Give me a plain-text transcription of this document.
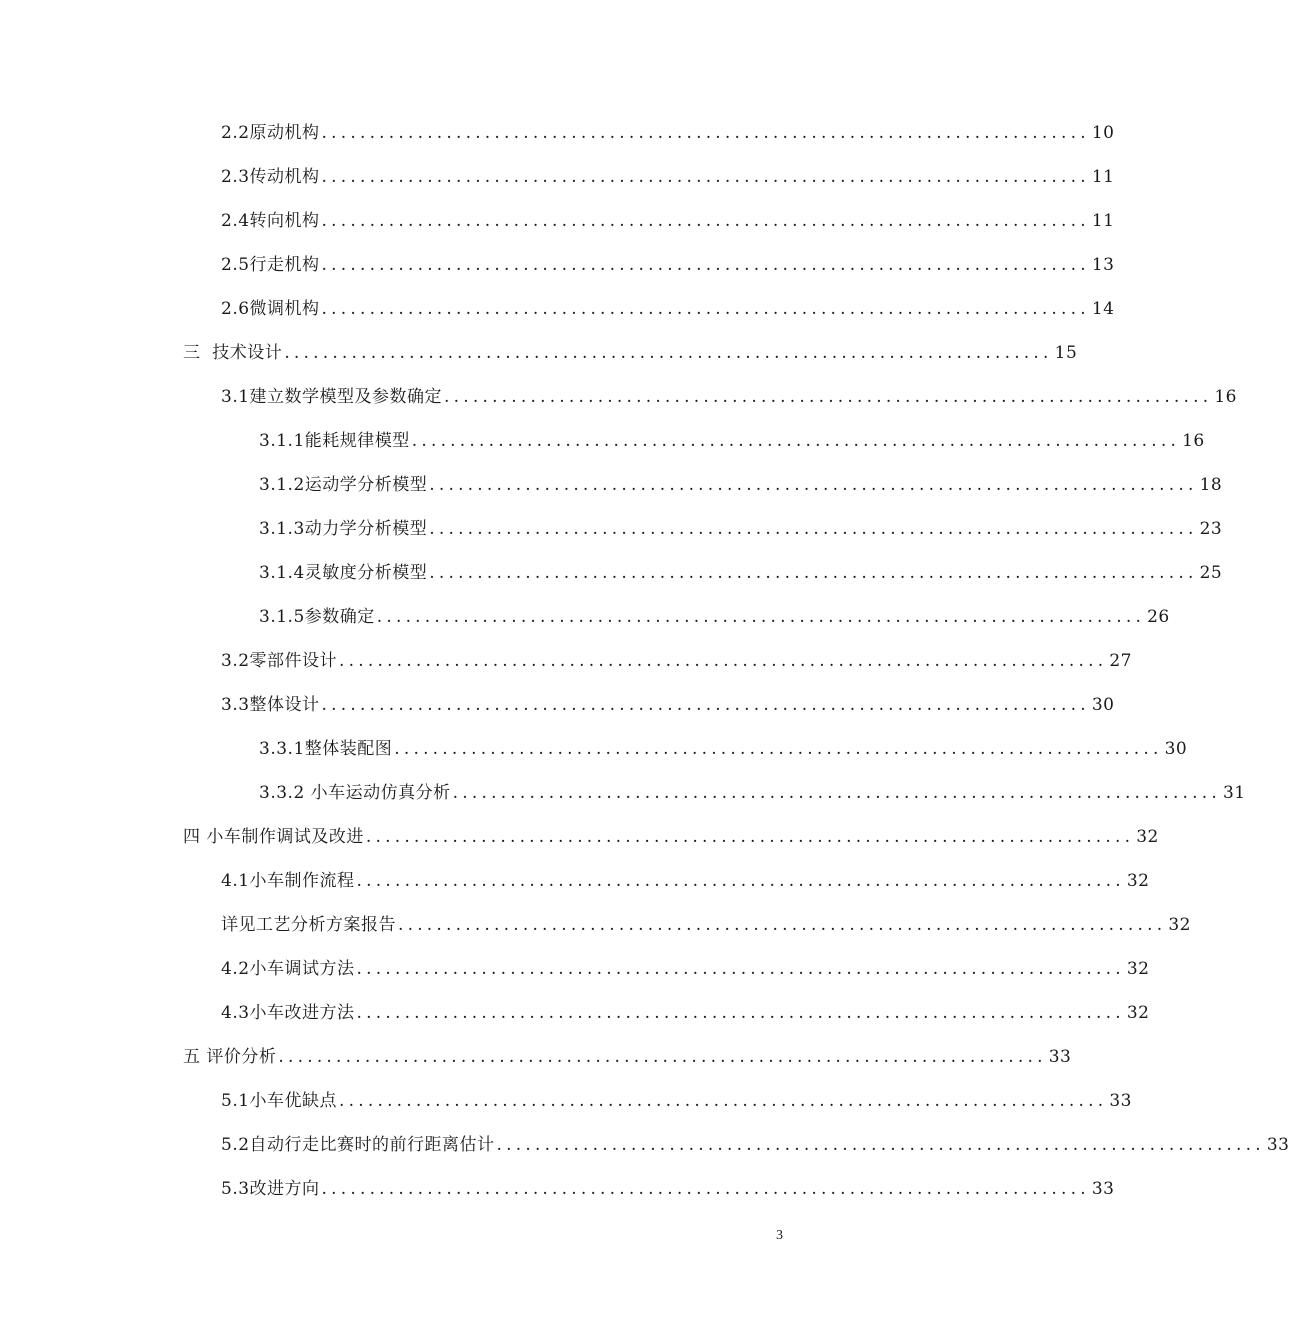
2.2 原动机构 ................................................................................ 10
2.3 传动机构 ................................................................................ 11
2.4 转向机构 ................................................................................ 11
2.5 行走机构 ................................................................................ 13
2.6 微调机构 ................................................................................ 14
三 技术设计 ................................................................................ 15
3.1 建立数学模型及参数确定 ................................................................................ 16
3.1.1 能耗规律模型 ................................................................................ 16
3.1.2 运动学分析模型 ................................................................................ 18
3.1.3 动力学分析模型 ................................................................................ 23
3.1.4 灵敏度分析模型 ................................................................................ 25
3.1.5 参数确定 ................................................................................ 26
3.2 零部件设计 ................................................................................ 27
3.3 整体设计 ................................................................................ 30
3.3.1 整体装配图 ................................................................................ 30
3.3.2 小车运动仿真分析 ................................................................................ 31
四 小车制作调试及改进 ................................................................................ 32
4.1 小车制作流程 ................................................................................ 32
详见工艺分析方案报告 ................................................................................ 32
4.2 小车调试方法 ................................................................................ 32
4.3 小车改进方法 ................................................................................ 32
五 评价分析 ................................................................................ 33
5.1 小车优缺点 ................................................................................ 33
5.2 自动行走比赛时的前行距离估计 ................................................................................ 33
5.3 改进方向 ................................................................................ 33
3
